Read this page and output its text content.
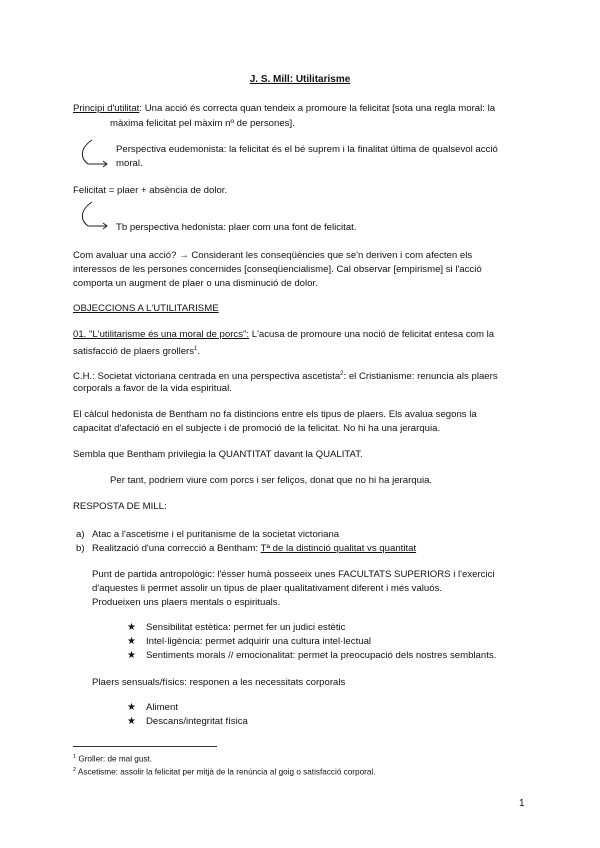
J. S. Mill: Utilitarisme
Principi d'utilitat: Una acció és correcta quan tendeix a promoure la felicitat [sota una regla moral: la
màxima felicitat pel màxim nº de persones].
Perspectiva eudemonista: la felicitat és el bé suprem i la finalitat última de qualsevol acció
moral.
Felicitat = plaer + absència de dolor.
Tb perspectiva hedonista: plaer com una font de felicitat.
Com avaluar una acció? → Considerant les conseqüències que se'n deriven i com afecten els
interessos de les persones concernides [conseqüencialisme]. Cal observar [empirisme] si l'acció
comporta un augment de plaer o una disminució de dolor.
OBJECCIONS A L'UTILITARISME
01. "L'utilitarisme és una moral de porcs": L'acusa de promoure una noció de felicitat entesa com la
satisfacció de plaers grollers$^1$.
C.H.: Societat victoriana centrada en una perspectiva ascetista$^2$: el Cristianisme: renuncia als plaers
corporals a favor de la vida espiritual.
El càlcul hedonista de Bentham no fa distincions entre els tipus de plaers. Els avalua segons la
capacitat d'afectació en el subjecte i de promoció de la felicitat. No hi ha una jerarquia.
Sembla que Bentham privilegia la QUANTITAT davant la QUALITAT.
Per tant, podriem viure com porcs i ser feliços, donat que no hi ha jerarquia.
RESPOSTA DE MILL:
a) Atac a l'ascetisme i el puritanisme de la societat victoriana
b) Realització d'una correcció a Bentham: Tª de la distinció qualitat vs quantitat
Punt de partida antropològic: l'ésser humà posseeix unes FACULTATS SUPERIORS i l'exercici
d'aquestes li permet assolir un tipus de plaer qualitativament diferent i més valuós.
Produeixen uns plaers mentals o espirituals.
★ Sensibilitat estètica: permet fer un judici estètic
★ Intel·ligència: permet adquirir una cultura intel·lectual
★ Sentiments morals // emocionalitat: permet la preocupació dels nostres semblants.
Plaers sensuals/físics: responen a les necessitats corporals
★ Aliment
★ Descans/integritat física
$^1$ Groller: de mal gust.
$^2$ Ascetisme: assolir la felicitat per mitjà de la renúncia al goig o satisfacció corporal.
1
